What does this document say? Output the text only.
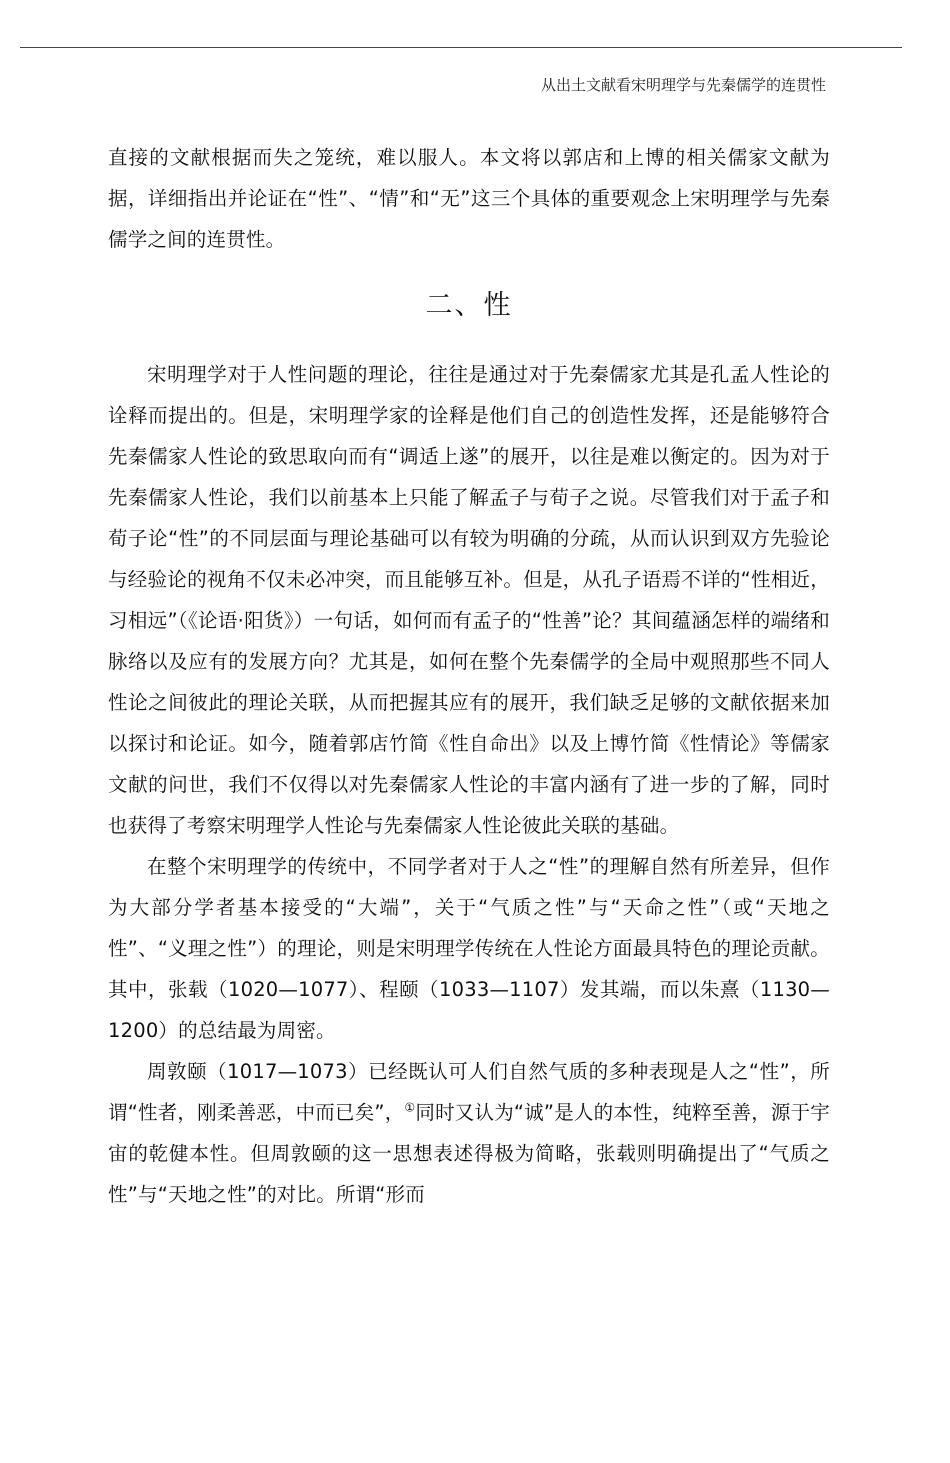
从出土文献看宋明理学与先秦儒学的连贯性

直接的文献根据而失之笼统，难以服人。本文将以郭店和上博的相关儒家文献为据，详细指出并论证在“性”、“情”和“无”这三个具体的重要观念上宋明理学与先秦儒学之间的连贯性。

二、性

宋明理学对于人性问题的理论，往往是通过对于先秦儒家尤其是孔孟人性论的诠释而提出的。但是，宋明理学家的诠释是他们自己的创造性发挥，还是能够符合先秦儒家人性论的致思取向而有“调适上遂”的展开，以往是难以衡定的。因为对于先秦儒家人性论，我们以前基本上只能了解孟子与荀子之说。尽管我们对于孟子和荀子论“性”的不同层面与理论基础可以有较为明确的分疏，从而认识到双方先验论与经验论的视角不仅未必冲突，而且能够互补。但是，从孔子语焉不详的“性相近，习相远”（《论语·阳货》）一句话，如何而有孟子的“性善”论？其间蕴涵怎样的端绪和脉络以及应有的发展方向？尤其是，如何在整个先秦儒学的全局中观照那些不同人性论之间彼此的理论关联，从而把握其应有的展开，我们缺乏足够的文献依据来加以探讨和论证。如今，随着郭店竹简《性自命出》以及上博竹简《性情论》等儒家文献的问世，我们不仅得以对先秦儒家人性论的丰富内涵有了进一步的了解，同时也获得了考察宋明理学人性论与先秦儒家人性论彼此关联的基础。

在整个宋明理学的传统中，不同学者对于人之“性”的理解自然有所差异，但作为大部分学者基本接受的“大端”，关于“气质之性”与“天命之性”（或“天地之性”、“义理之性”）的理论，则是宋明理学传统在人性论方面最具特色的理论贡献。其中，张载（1020—1077）、程颐（1033—1107）发其端，而以朱熹（1130—1200）的总结最为周密。

周敦颐（1017—1073）已经既认可人们自然气质的多种表现是人之“性”，所谓“性者，刚柔善恶，中而已矣”，①同时又认为“诚”是人的本性，纯粹至善，源于宇宙的乾健本性。但周敦颐的这一思想表述得极为简略，张载则明确提出了“气质之性”与“天地之性”的对比。所谓“形而
